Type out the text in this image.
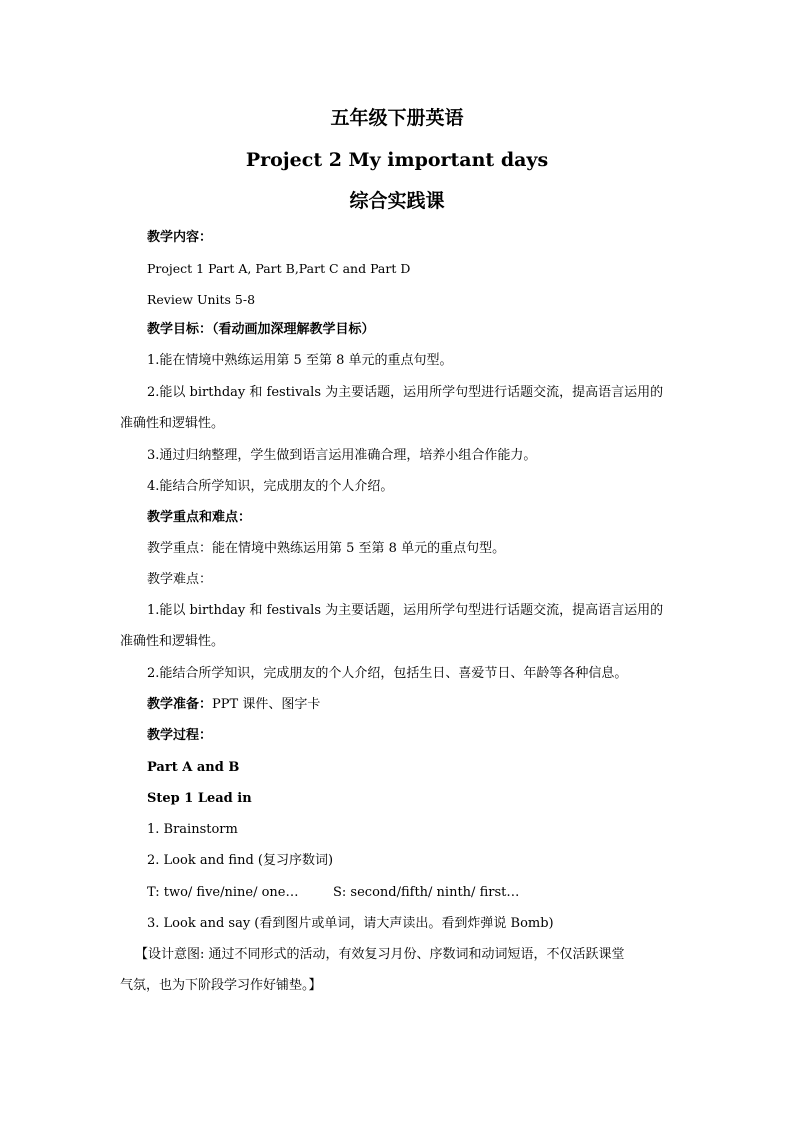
五年级下册英语
Project 2 My important days
综合实践课
教学内容：
Project 1 Part A, Part B,Part C and Part D
Review Units 5-8
教学目标：（看动画加深理解教学目标）
1.能在情境中熟练运用第 5 至第 8 单元的重点句型。
2.能以 birthday 和 festivals 为主要话题，运用所学句型进行话题交流，提高语言运用的
准确性和逻辑性。
3.通过归纳整理，学生做到语言运用准确合理，培养小组合作能力。
4.能结合所学知识，完成朋友的个人介绍。
教学重点和难点：
教学重点：能在情境中熟练运用第 5 至第 8 单元的重点句型。
教学难点：
1.能以 birthday 和 festivals 为主要话题，运用所学句型进行话题交流，提高语言运用的
准确性和逻辑性。
2.能结合所学知识，完成朋友的个人介绍，包括生日、喜爱节日、年龄等各种信息。
教学准备：PPT 课件、图字卡
教学过程：
Part A and B
Step 1 Lead in
1. Brainstorm
2. Look and find (复习序数词)
T: two/ five/nine/ one…	S: second/fifth/ ninth/ first…
3. Look and say (看到图片或单词，请大声读出。看到炸弹说 Bomb)
【设计意图: 通过不同形式的活动，有效复习月份、序数词和动词短语，不仅活跃课堂
气氛，也为下阶段学习作好铺垫。】
